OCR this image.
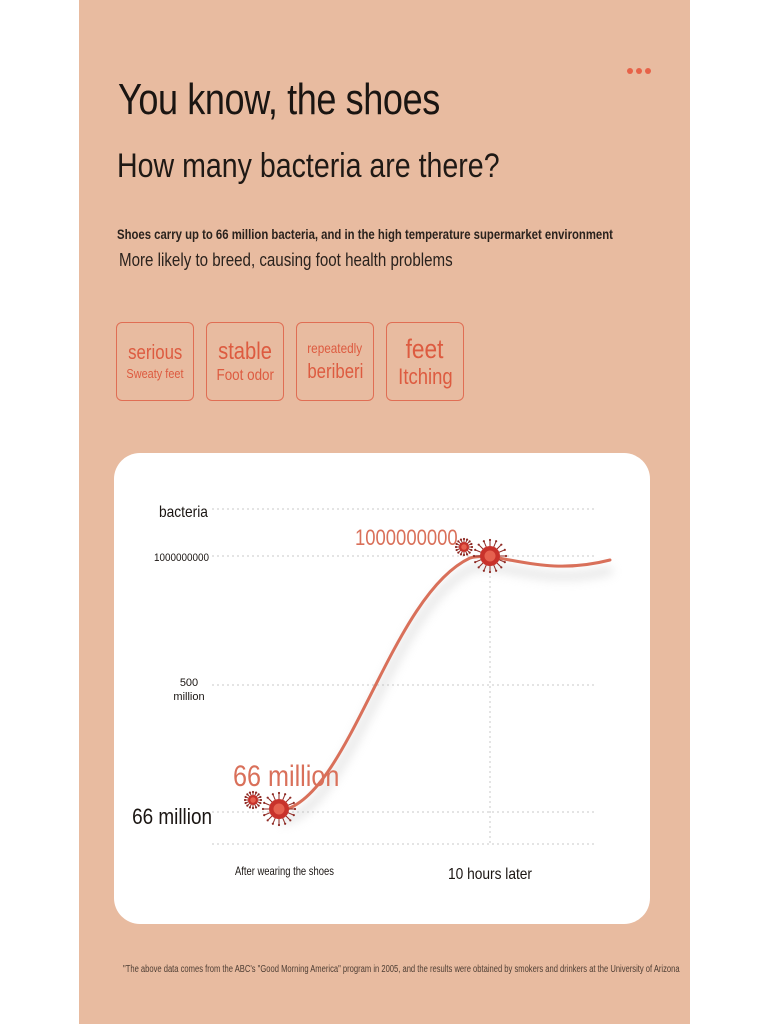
You know, the shoes
How many bacteria are there?
Shoes carry up to 66 million bacteria, and in the high temperature supermarket environment
More likely to breed, causing foot health problems
serious
Sweaty feet
stable
Foot odor
repeatedly
beriberi
feet
Itching
bacteria
66 million
500 million
1000000000
After wearing the shoes	10 hours later
66 million
1000000000
"The above data comes from the ABC's "Good Morning America" program in 2005, and the results were obtained by smokers and drinkers at the University of Arizona
